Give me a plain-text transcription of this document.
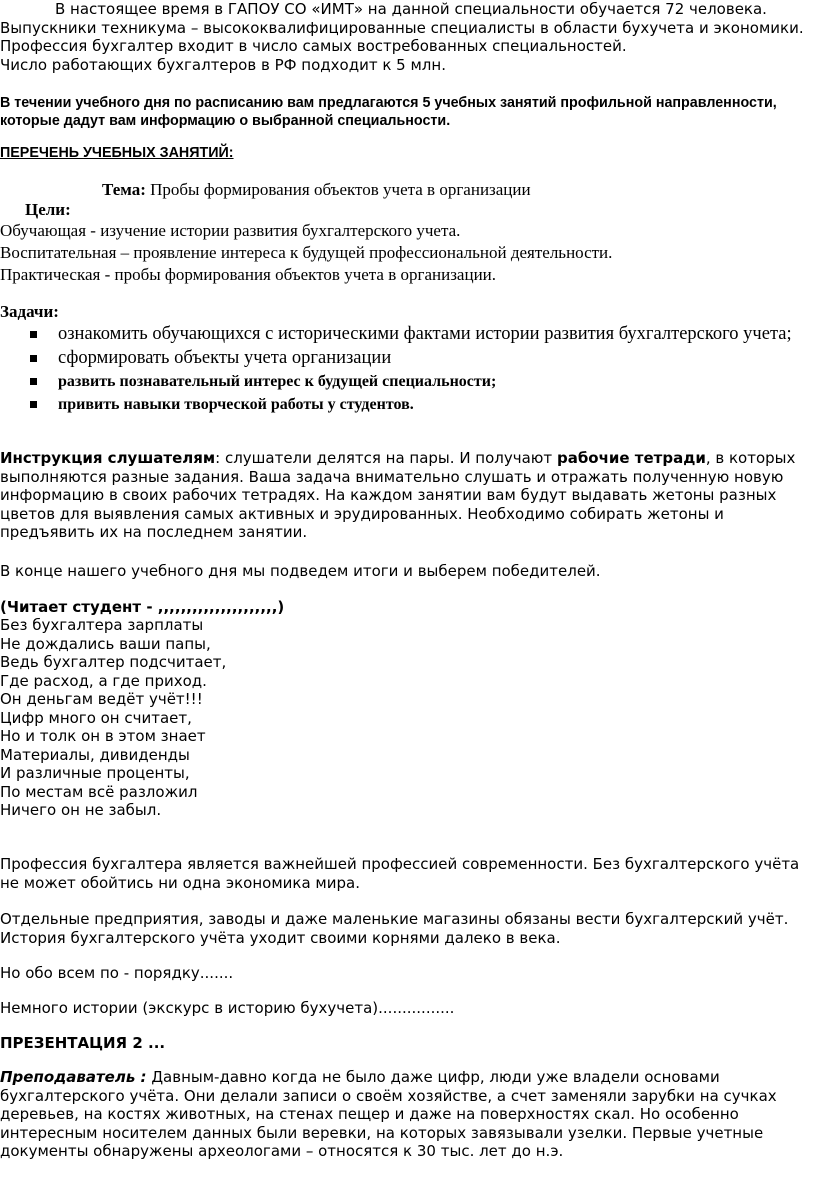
В настоящее время в ГАПОУ СО «ИМТ» на данной специальности обучается 72 человека.

Выпускники техникума – высококвалифицированные специалисты в области бухучета и экономики.

Профессия бухгалтер входит в число самых востребованных специальностей.

Число работающих бухгалтеров в РФ подходит к 5 млн.

В течении учебного дня по расписанию вам предлагаются 5 учебных занятий профильной направленности, которые дадут вам информацию о выбранной специальности.
ПЕРЕЧЕНЬ УЧЕБНЫХ ЗАНЯТИЙ:
Тема: Пробы формирования объектов учета в организации
Цели:

Обучающая - изучение истории развития бухгалтерского учета.

Воспитательная – проявление интереса к будущей профессиональной деятельности.

Практическая - пробы формирования объектов учета в организации.

Задачи:
ознакомить обучающихся с историческими фактами истории развития бухгалтерского учета;
сформировать объекты учета организации
развить познавательный интерес к будущей специальности;
привить навыки творческой работы у студентов.
Инструкция слушателям: слушатели делятся на пары. И получают рабочие тетради, в которых выполняются разные задания. Ваша задача внимательно слушать и отражать полученную новую информацию в своих рабочих тетрадях. На каждом занятии вам будут выдавать жетоны разных цветов для выявления самых активных и эрудированных. Необходимо собирать жетоны и предъявить их на последнем занятии.
В конце нашего учебного дня мы подведем итоги и выберем победителей.
(Читает студент - ,,,,,,,,,,,,,,,,,,,,,)

Без бухгалтера зарплаты

Не дождались ваши папы,

Ведь бухгалтер подсчитает,

Где расход, а где приход.

Он деньгам ведёт учёт!!!

Цифр много он считает,

Но и толк он в этом знает

Материалы, дивиденды

И различные проценты,

По местам всё разложил

Ничего он не забыл.

Профессия бухгалтера является важнейшей профессией современности. Без бухгалтерского учёта не может обойтись ни одна экономика мира.
Отдельные предприятия, заводы и даже маленькие магазины обязаны вести бухгалтерский учёт. История бухгалтерского учёта уходит своими корнями далеко в века.
Но обо всем по - порядку.......
Немного истории (экскурс в историю бухучета)................
ПРЕЗЕНТАЦИЯ 2 ...
Преподаватель : Давным-давно когда не было даже цифр, люди уже владели основами бухгалтерского учёта. Они делали записи о своём хозяйстве, а счет заменяли зарубки на сучках деревьев, на костях животных, на стенах пещер и даже на поверхностях скал. Но особенно интересным носителем данных были веревки, на которых завязывали узелки. Первые учетные документы обнаружены археологами – относятся к 30 тыс. лет до н.э.
